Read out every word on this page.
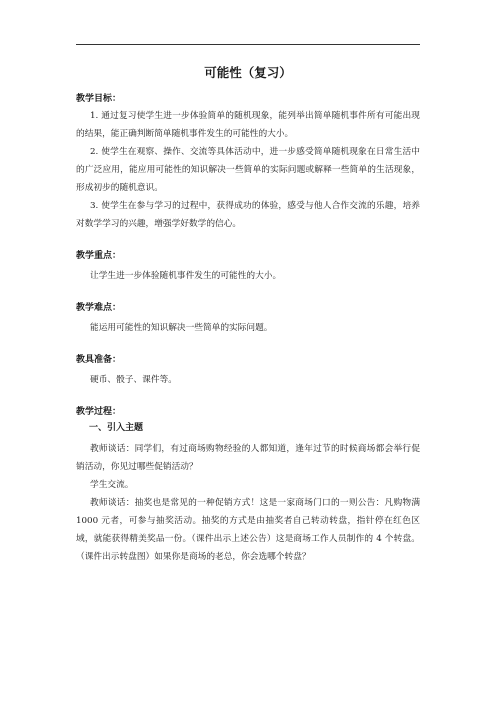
可能性（复习）
教学目标：

1. 通过复习使学生进一步体验简单的随机现象，能列举出简单随机事件所有可能出现的结果，能正确判断简单随机事件发生的可能性的大小。

2. 使学生在观察、操作、交流等具体活动中，进一步感受简单随机现象在日常生活中的广泛应用，能应用可能性的知识解决一些简单的实际问题或解释一些简单的生活现象，形成初步的随机意识。

3. 使学生在参与学习的过程中，获得成功的体验，感受与他人合作交流的乐趣，培养对数学学习的兴趣，增强学好数学的信心。

教学重点：

让学生进一步体验随机事件发生的可能性的大小。

教学难点：

能运用可能性的知识解决一些简单的实际问题。

教具准备：

硬币、骰子、课件等。

教学过程：
一、引入主题

教师谈话：同学们，有过商场购物经验的人都知道，逢年过节的时候商场都会举行促销活动，你见过哪些促销活动？

学生交流。

教师谈话：抽奖也是常见的一种促销方式！这是一家商场门口的一则公告：凡购物满 1000 元者，可参与抽奖活动。抽奖的方式是由抽奖者自己转动转盘，指针停在红色区域，就能获得精美奖品一份。（课件出示上述公告）这是商场工作人员制作的 4 个转盘。（课件出示转盘图）如果你是商场的老总，你会选哪个转盘？
